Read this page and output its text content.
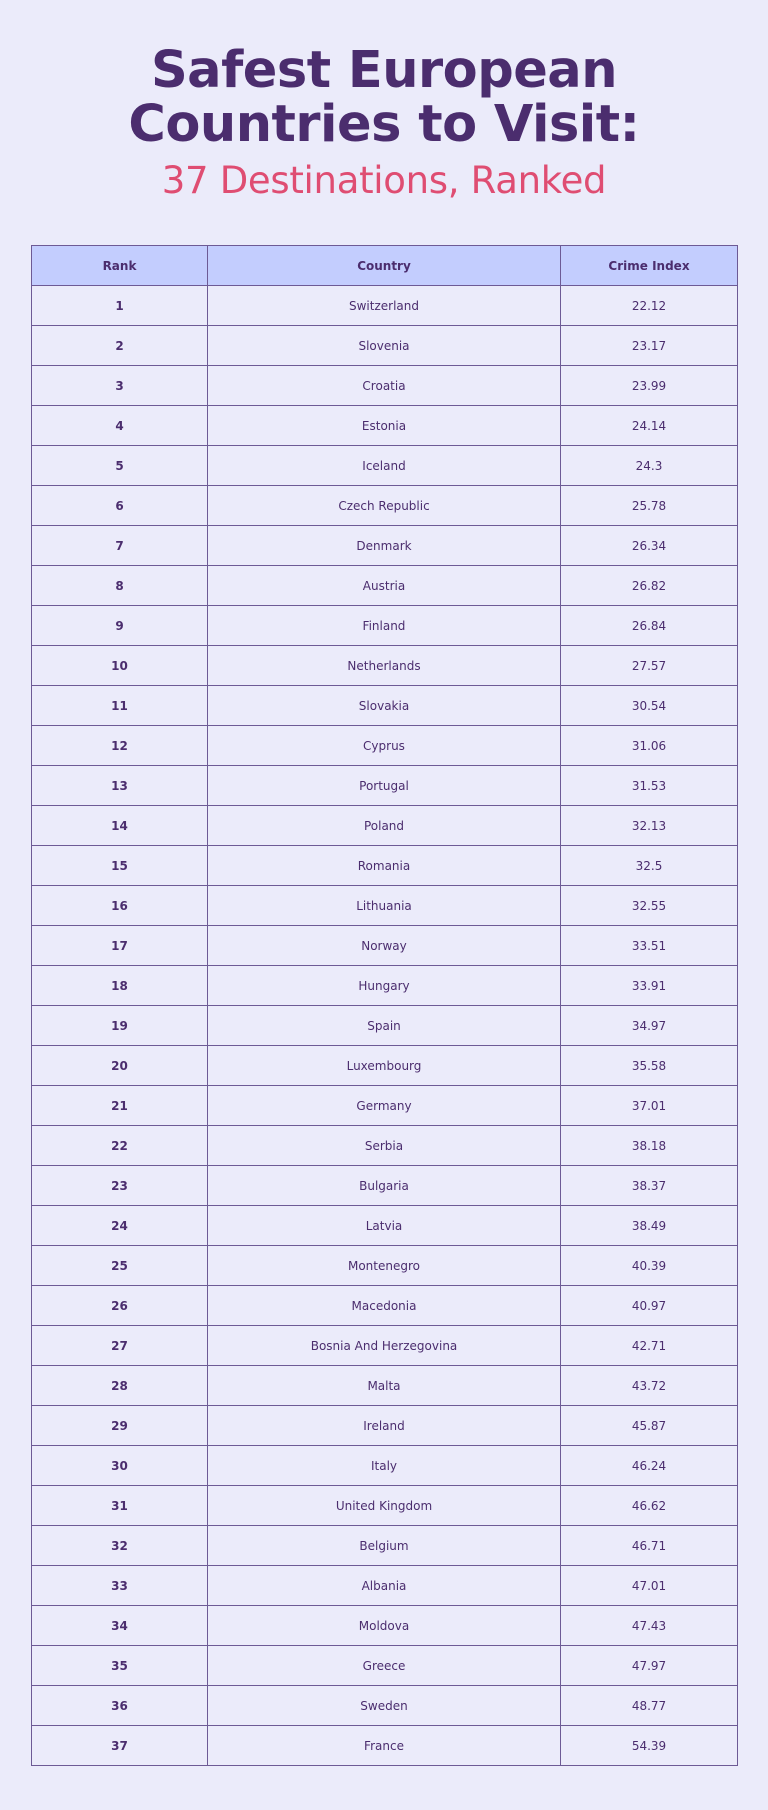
Safest European
Countries to Visit:
37 Destinations, Ranked
Rank	Country	Crime Index
1	Switzerland	22.12
2	Slovenia	23.17
3	Croatia	23.99
4	Estonia	24.14
5	Iceland	24.3
6	Czech Republic	25.78
7	Denmark	26.34
8	Austria	26.82
9	Finland	26.84
10	Netherlands	27.57
11	Slovakia	30.54
12	Cyprus	31.06
13	Portugal	31.53
14	Poland	32.13
15	Romania	32.5
16	Lithuania	32.55
17	Norway	33.51
18	Hungary	33.91
19	Spain	34.97
20	Luxembourg	35.58
21	Germany	37.01
22	Serbia	38.18
23	Bulgaria	38.37
24	Latvia	38.49
25	Montenegro	40.39
26	Macedonia	40.97
27	Bosnia And Herzegovina	42.71
28	Malta	43.72
29	Ireland	45.87
30	Italy	46.24
31	United Kingdom	46.62
32	Belgium	46.71
33	Albania	47.01
34	Moldova	47.43
35	Greece	47.97
36	Sweden	48.77
37	France	54.39
